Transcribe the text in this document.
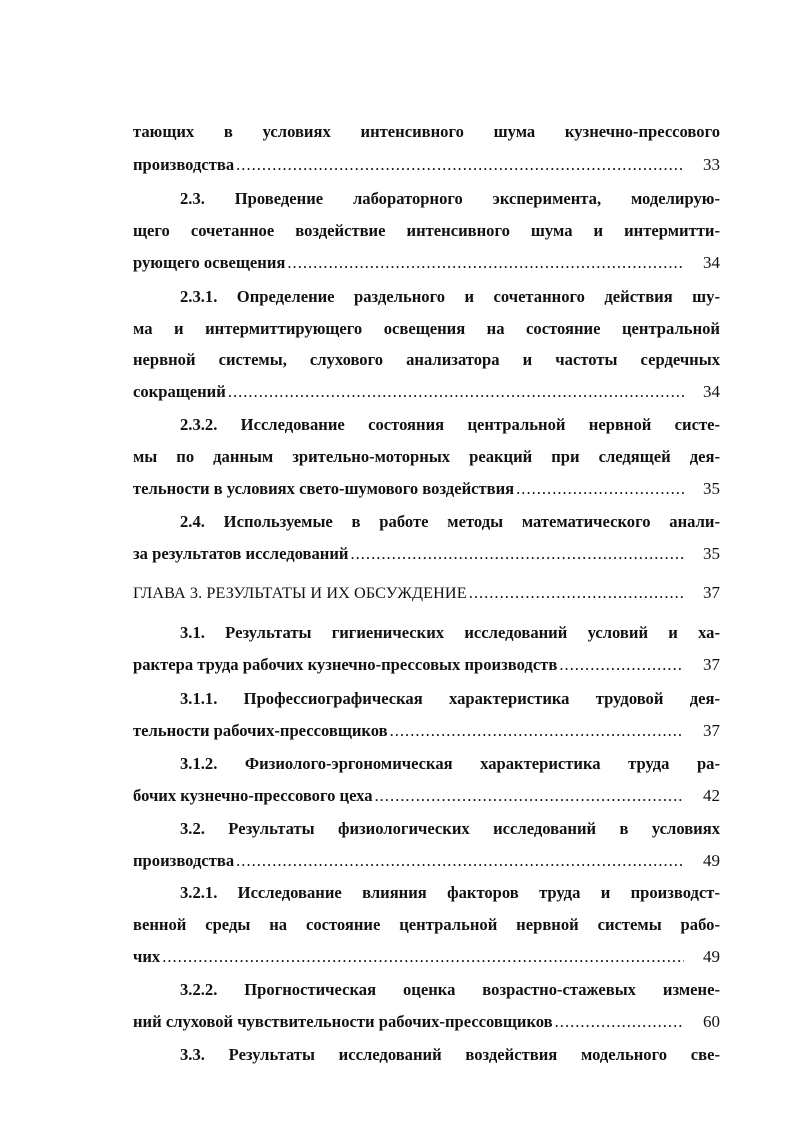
тающих в условиях интенсивного шума кузнечно-прессового
производства .....	33
2.3. Проведение лабораторного эксперимента, моделирую-
щего сочетанное воздействие интенсивного шума и интермитти-
рующего освещения .....	34
2.3.1. Определение раздельного и сочетанного действия шу-
ма и интермиттирующего освещения на состояние центральной
нервной системы, слухового анализатора и частоты сердечных
сокращений .....	34
2.3.2. Исследование состояния центральной нервной систе-
мы по данным зрительно-моторных реакций при следящей дея-
тельности в условиях свето-шумового воздействия .....	35
2.4. Используемые в работе методы математического анали-
за результатов исследований .....	35
ГЛАВА 3. РЕЗУЛЬТАТЫ И ИХ ОБСУЖДЕНИЕ .....	37
3.1. Результаты гигиенических исследований условий и ха-
рактера труда рабочих кузнечно-прессовых производств .....	37
3.1.1. Профессиографическая характеристика трудовой дея-
тельности рабочих-прессовщиков .....	37
3.1.2. Физиолого-эргономическая характеристика труда ра-
бочих кузнечно-прессового цеха .....	42
3.2. Результаты физиологических исследований в условиях
производства .....	49
3.2.1. Исследование влияния факторов труда и производст-
венной среды на состояние центральной нервной системы рабо-
чих .....	49
3.2.2. Прогностическая оценка возрастно-стажевых измене-
ний слуховой чувствительности рабочих-прессовщиков .....	60
3.3. Результаты исследований воздействия модельного све-
